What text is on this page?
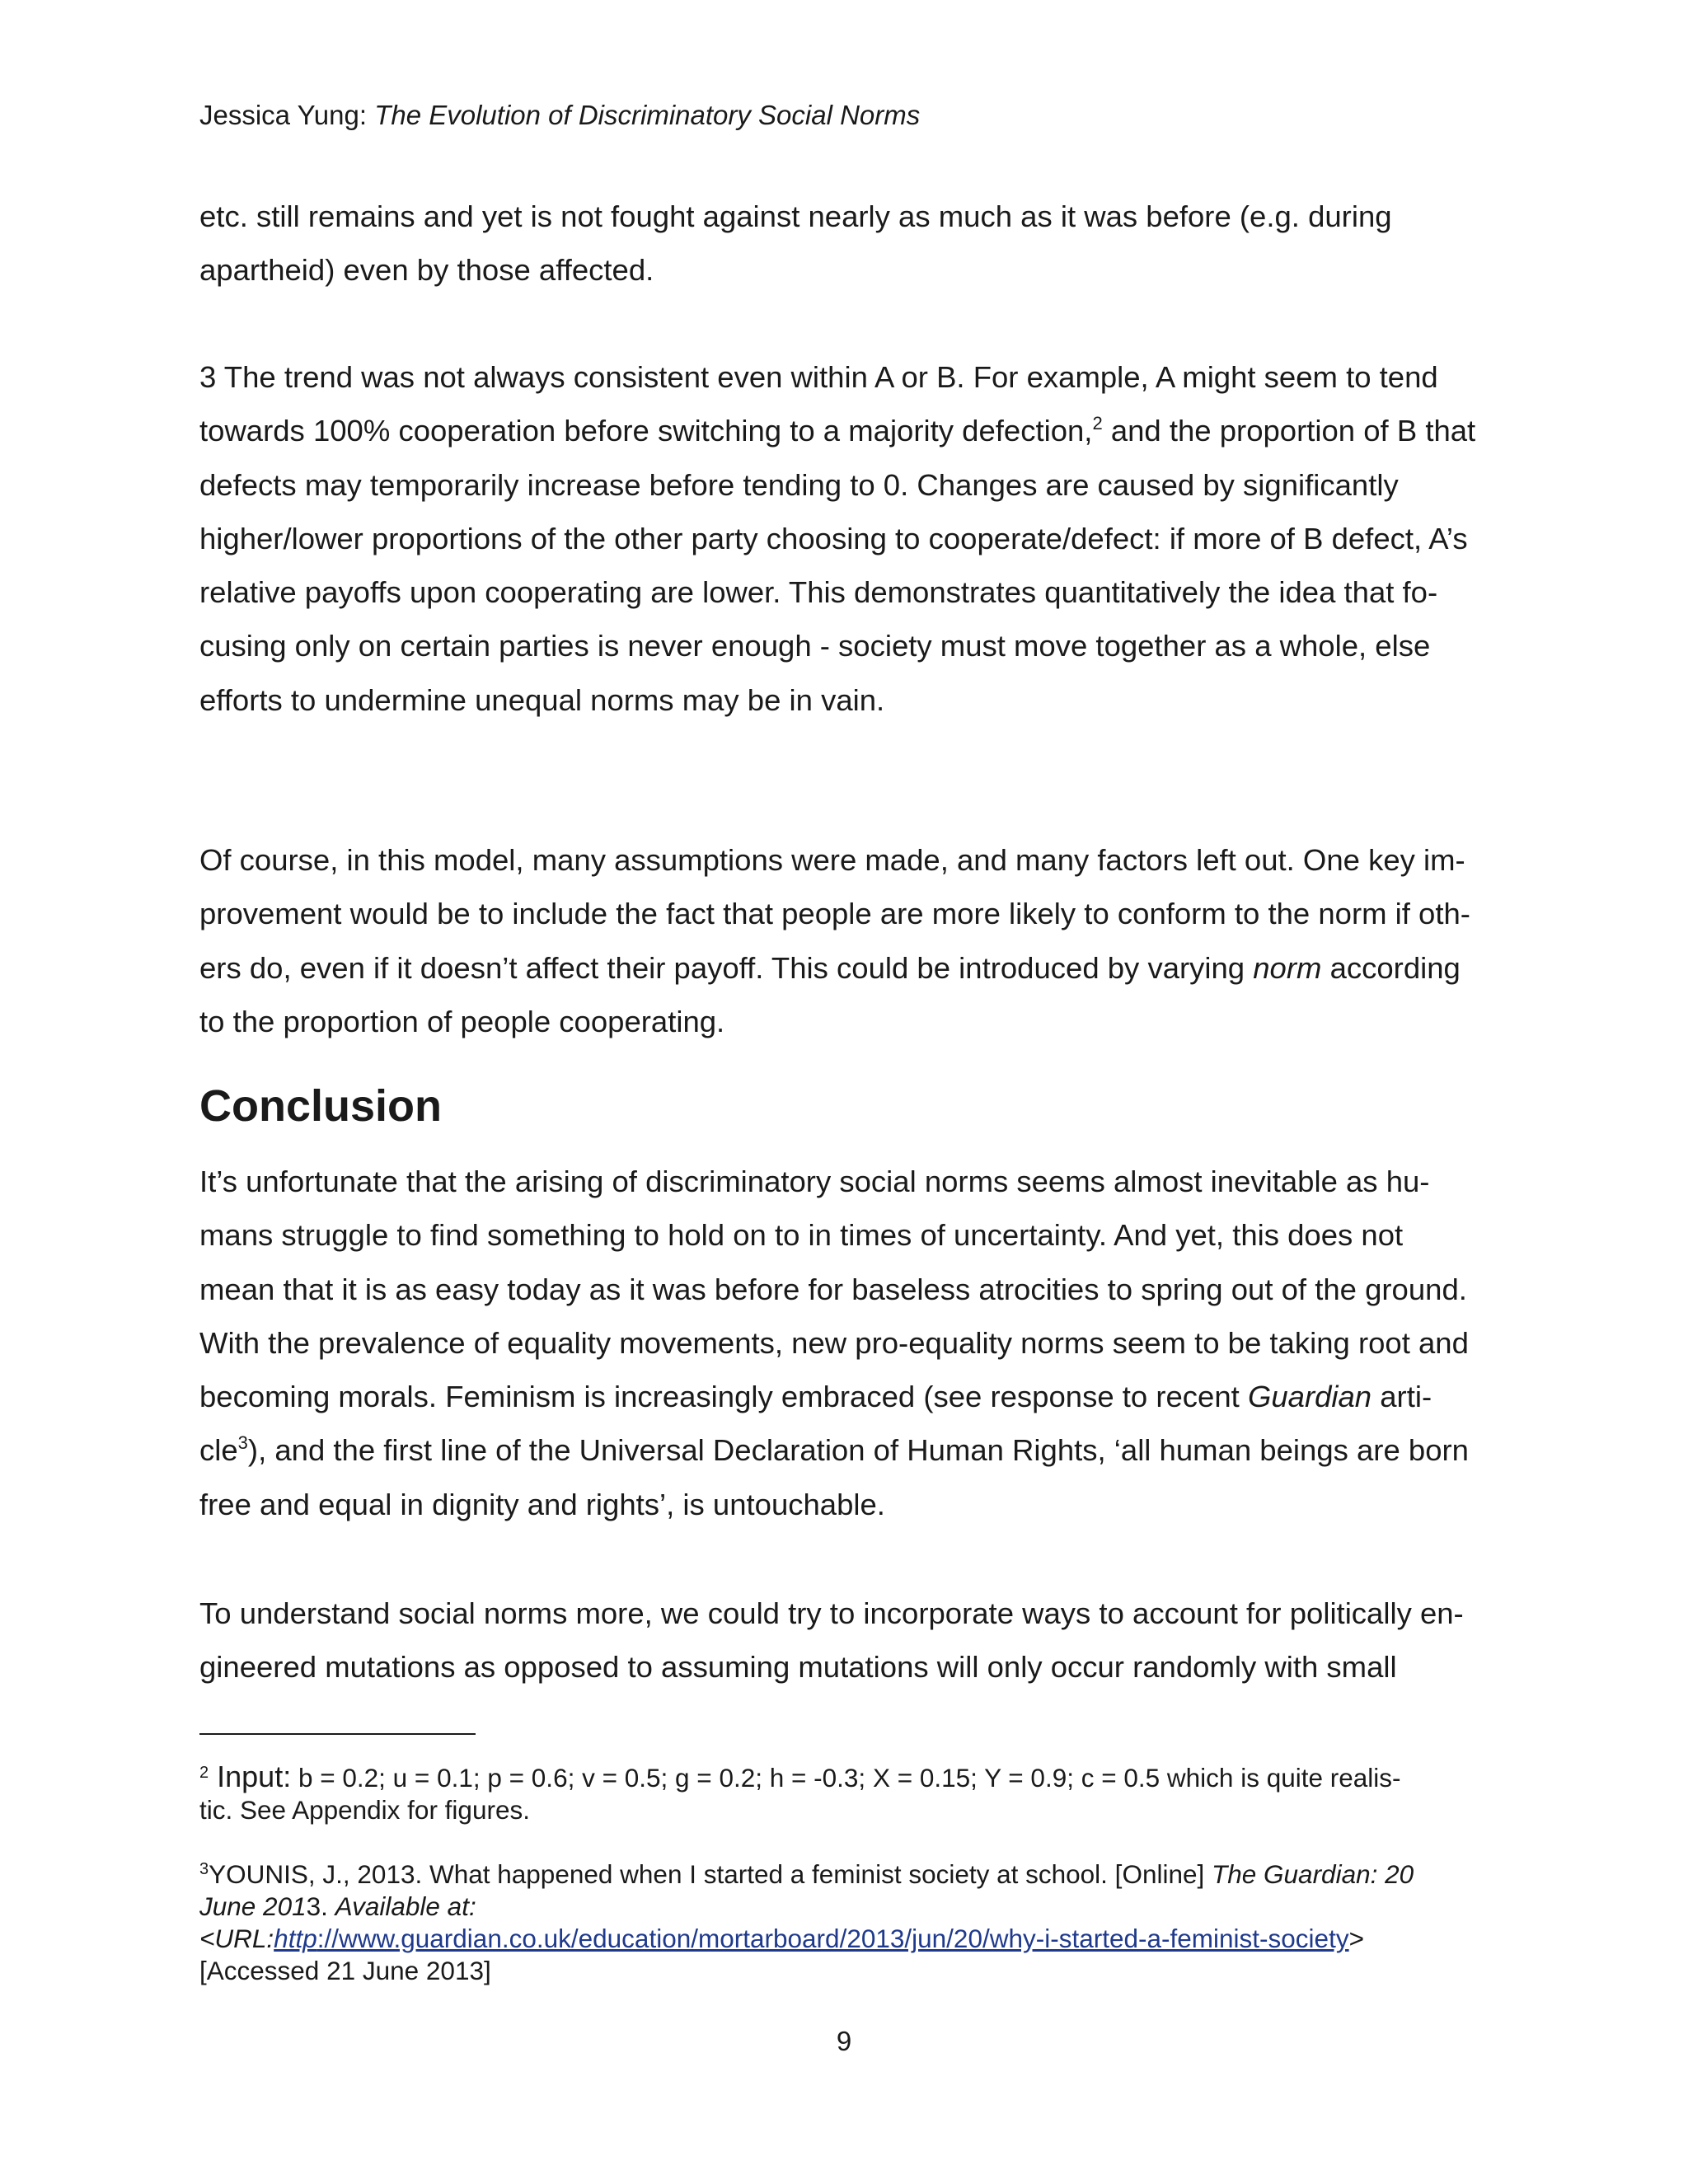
Jessica Yung: The Evolution of Discriminatory Social Norms
etc. still remains and yet is not fought against nearly as much as it was before (e.g. during
apartheid) even by those affected.
3 The trend was not always consistent even within A or B. For example, A might seem to tend
towards 100% cooperation before switching to a majority defection,$^2$ and the proportion of B that
defects may temporarily increase before tending to 0. Changes are caused by significantly
higher/lower proportions of the other party choosing to cooperate/defect: if more of B defect, A’s
relative payoffs upon cooperating are lower. This demonstrates quantitatively the idea that fo-
cusing only on certain parties is never enough - society must move together as a whole, else
efforts to undermine unequal norms may be in vain.
Of course, in this model, many assumptions were made, and many factors left out. One key im-
provement would be to include the fact that people are more likely to conform to the norm if oth-
ers do, even if it doesn’t affect their payoff. This could be introduced by varying norm according
to the proportion of people cooperating.
Conclusion
It’s unfortunate that the arising of discriminatory social norms seems almost inevitable as hu-
mans struggle to find something to hold on to in times of uncertainty. And yet, this does not
mean that it is as easy today as it was before for baseless atrocities to spring out of the ground.
With the prevalence of equality movements, new pro-equality norms seem to be taking root and
becoming morals. Feminism is increasingly embraced (see response to recent Guardian arti-
cle$^3$), and the first line of the Universal Declaration of Human Rights, ‘all human beings are born
free and equal in dignity and rights’, is untouchable.
To understand social norms more, we could try to incorporate ways to account for politically en-
gineered mutations as opposed to assuming mutations will only occur randomly with small
$^2$ Input: b = 0.2; u = 0.1; p = 0.6; v = 0.5; g = 0.2; h = -0.3; X = 0.15; Y = 0.9; c = 0.5 which is quite realis-
tic. See Appendix for figures.
$^3$YOUNIS, J., 2013. What happened when I started a feminist society at school. [Online] The Guardian: 20
June 2013. Available at:
<URL:http://www.guardian.co.uk/education/mortarboard/2013/jun/20/why-i-started-a-feminist-society>
[Accessed 21 June 2013]
9
